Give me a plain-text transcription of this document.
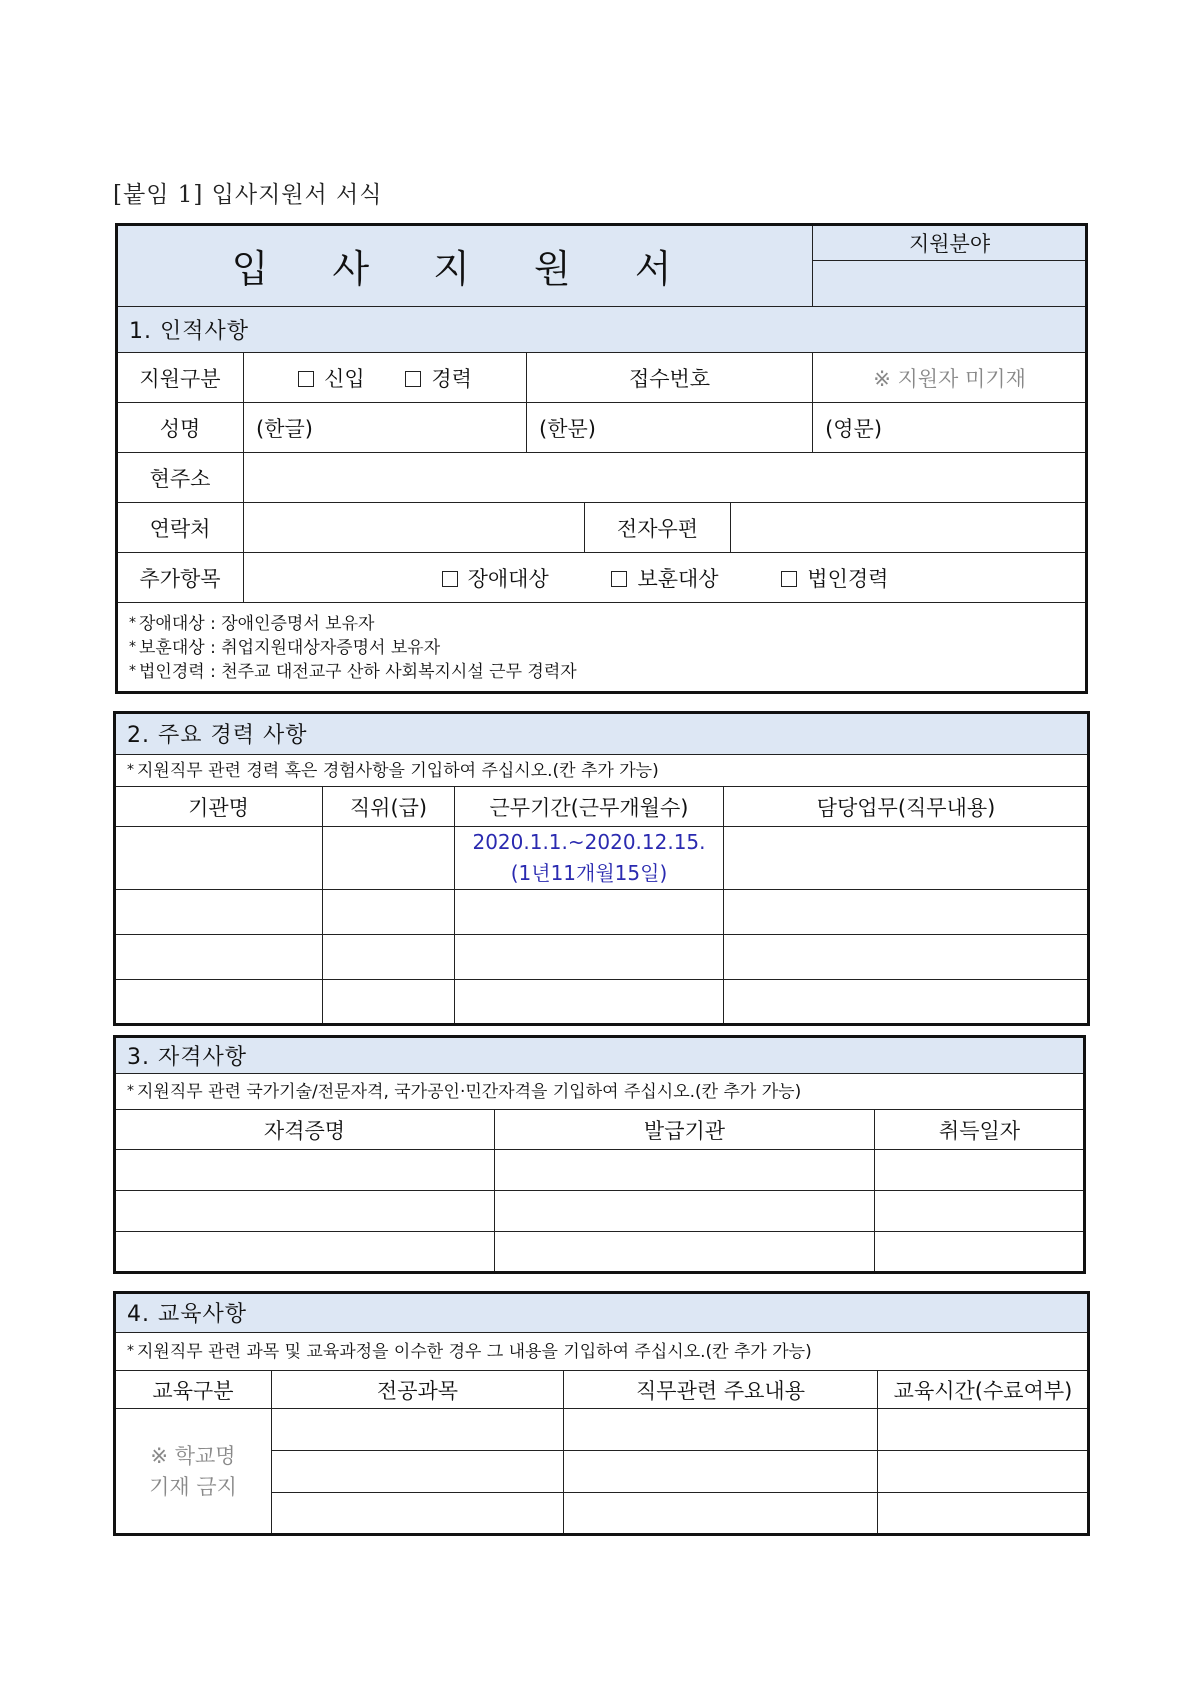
[붙임 1] 입사지원서 서식
입 사 지 원 서					지원분야

1. 인적사항					
지원구분	신입 경력	접수번호			※ 지원자 미기재
성명	(한글)	(한문)			(영문)
현주소					
연락처			전자우편		
추가항목	장애대상 보훈대상 법인경력				

* 장애대상 : 장애인증명서 보유자
* 보훈대상 : 취업지원대상자증명서 보유자
* 법인경력 : 천주교 대전교구 산하 사회복지시설 근무 경력자					
2. 주요 경력 사항			
* 지원직무 관련 경력 혹은 경험사항을 기입하여 주십시오.(칸 추가 가능)			
기관명	직위(급)	근무기간(근무개월수)	담당업무(직무내용)

		2020.1.1.~2020.12.15.
(1년11개월15일)	

3. 자격사항		
* 지원직무 관련 국가기술/전문자격, 국가공인·민간자격을 기입하여 주십시오.(칸 추가 가능)		
자격증명	발급기관	취득일자

4. 교육사항			
* 지원직무 관련 과목 및 교육과정을 이수한 경우 그 내용을 기입하여 주십시오.(칸 추가 가능)			
교육구분	전공과목	직무관련 주요내용	교육시간(수료여부)

※ 학교명
기재 금지			
